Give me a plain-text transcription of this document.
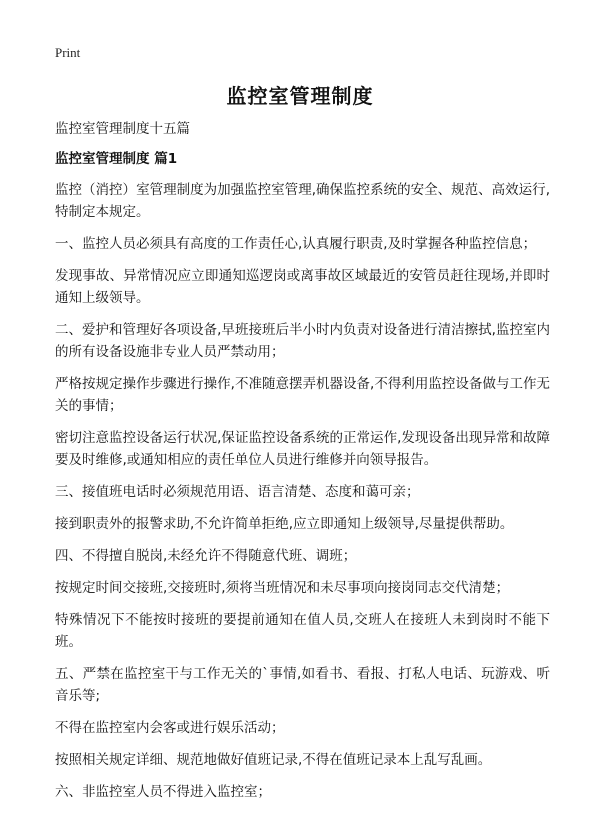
Print
监控室管理制度

监控室管理制度十五篇

监控室管理制度 篇1

监控（消控）室管理制度为加强监控室管理,确保监控系统的安全、规范、高效运行,特制定本规定。

一、监控人员必须具有高度的工作责任心,认真履行职责,及时掌握各种监控信息；

发现事故、异常情况应立即通知巡逻岗或离事故区域最近的安管员赶往现场,并即时通知上级领导。

二、爱护和管理好各项设备,早班接班后半小时内负责对设备进行清洁擦拭,监控室内的所有设备设施非专业人员严禁动用；

严格按规定操作步骤进行操作,不准随意摆弄机器设备,不得利用监控设备做与工作无关的事情；

密切注意监控设备运行状况,保证监控设备系统的正常运作,发现设备出现异常和故障要及时维修,或通知相应的责任单位人员进行维修并向领导报告。

三、接值班电话时必须规范用语、语言清楚、态度和蔼可亲；

接到职责外的报警求助,不允许简单拒绝,应立即通知上级领导,尽量提供帮助。

四、不得擅自脱岗,未经允许不得随意代班、调班；

按规定时间交接班,交接班时,须将当班情况和未尽事项向接岗同志交代清楚；

特殊情况下不能按时接班的要提前通知在值人员,交班人在接班人未到岗时不能下班。

五、严禁在监控室干与工作无关的`事情,如看书、看报、打私人电话、玩游戏、听音乐等;

不得在监控室内会客或进行娱乐活动；

按照相关规定详细、规范地做好值班记录,不得在值班记录本上乱写乱画。

六、非监控室人员不得进入监控室；
